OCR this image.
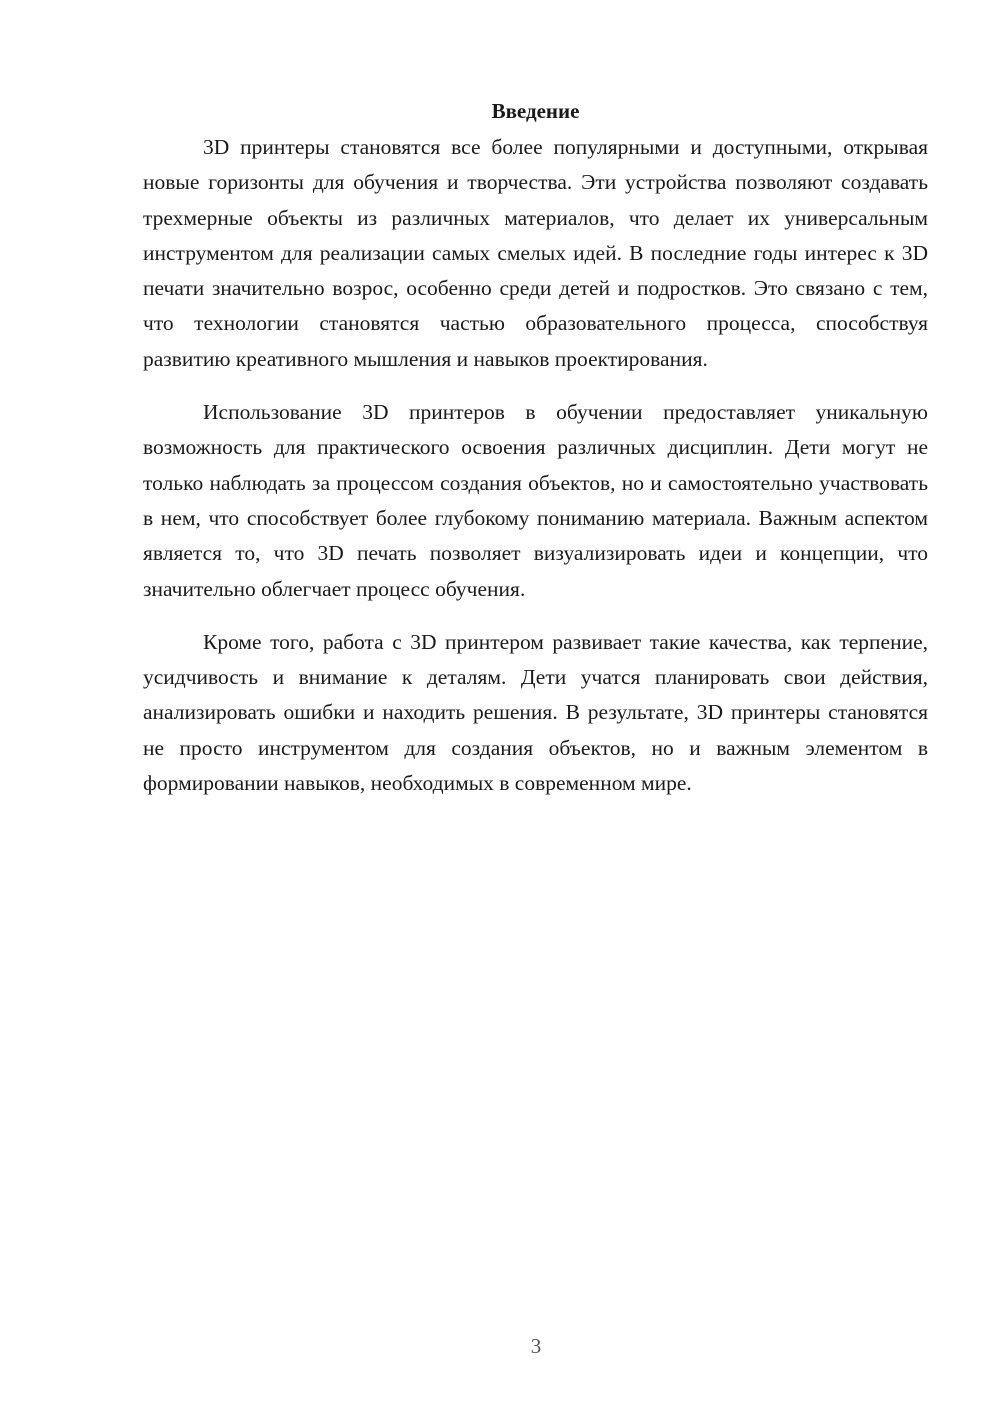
Введение

3D принтеры становятся все более популярными и доступными, открывая новые горизонты для обучения и творчества. Эти устройства позволяют создавать трехмерные объекты из различных материалов, что делает их универсальным инструментом для реализации самых смелых идей. В последние годы интерес к 3D печати значительно возрос, особенно среди детей и подростков. Это связано с тем, что технологии становятся частью образовательного процесса, способствуя развитию креативного мышления и навыков проектирования.

Использование 3D принтеров в обучении предоставляет уникальную возможность для практического освоения различных дисциплин. Дети могут не только наблюдать за процессом создания объектов, но и самостоятельно участвовать в нем, что способствует более глубокому пониманию материала. Важным аспектом является то, что 3D печать позволяет визуализировать идеи и концепции, что значительно облегчает процесс обучения.

Кроме того, работа с 3D принтером развивает такие качества, как терпение, усидчивость и внимание к деталям. Дети учатся планировать свои действия, анализировать ошибки и находить решения. В результате, 3D принтеры становятся не просто инструментом для создания объектов, но и важным элементом в формировании навыков, необходимых в современном мире.

3
